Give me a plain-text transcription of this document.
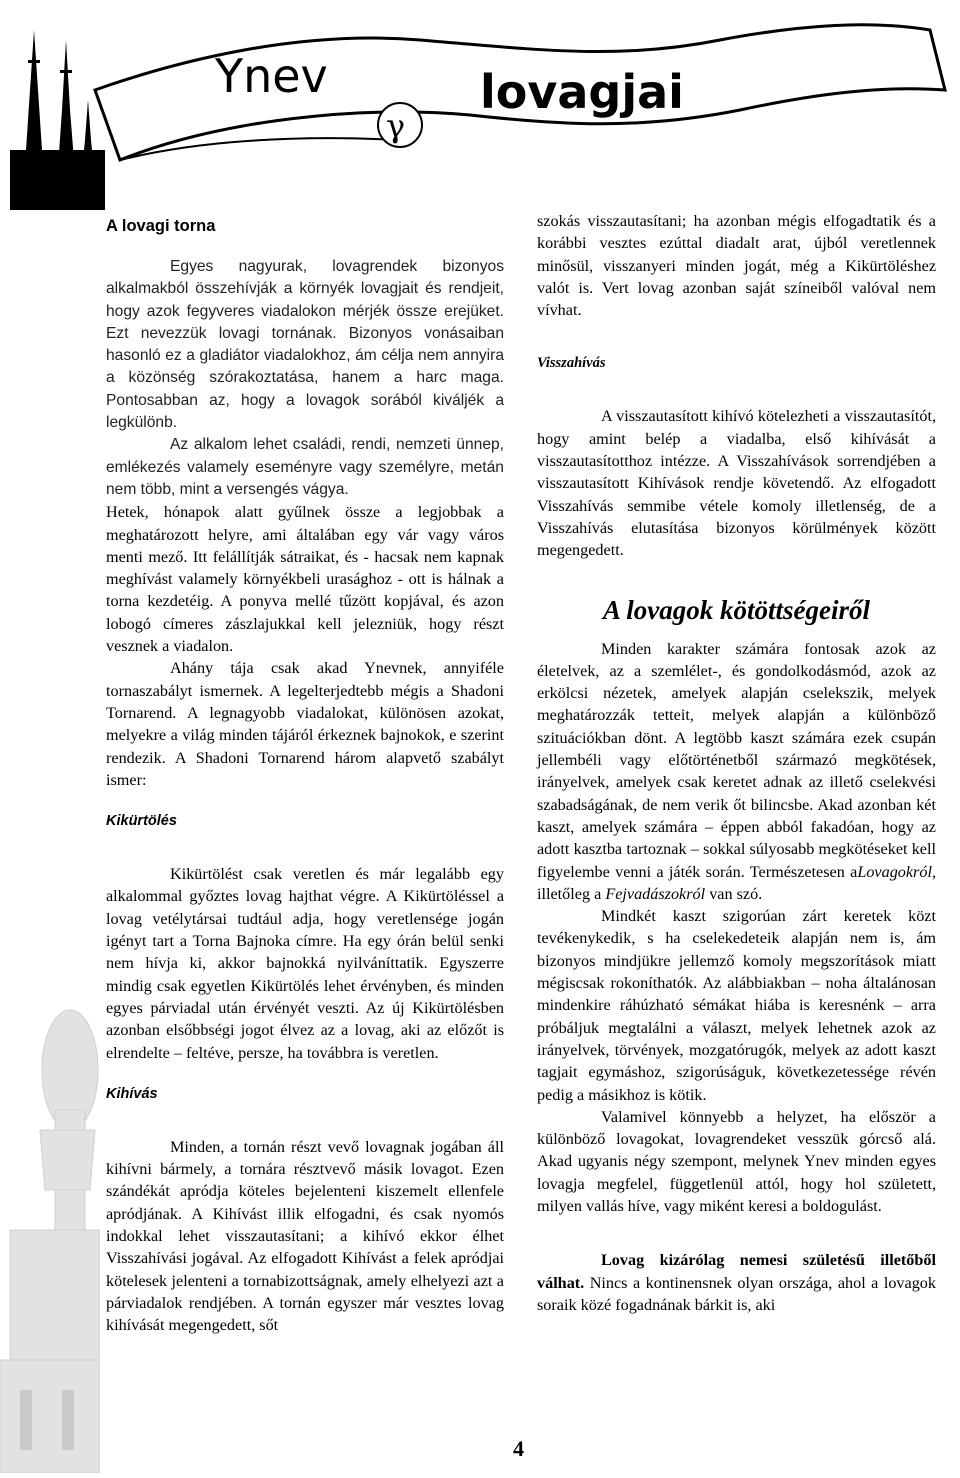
Ynev	lovagjai
γ
A lovagi torna

Egyes nagyurak, lovagrendek bizonyos alkalmakból összehívják a környék lovagjait és rendjeit, hogy azok fegyveres viadalokon mérjék össze erejüket. Ezt nevezzük lovagi tornának. Bizonyos vonásaiban hasonló ez a gladiátor viadalokhoz, ám célja nem annyira a közönség szórakoztatása, hanem a harc maga. Pontosabban az, hogy a lovagok sorából kiváljék a legkülönb.

Az alkalom lehet családi, rendi, nemzeti ünnep, emlékezés valamely eseményre vagy személyre, metán nem több, mint a versengés vágya.

Hetek, hónapok alatt gyűlnek össze a legjobbak a meghatározott helyre, ami általában egy vár vagy város menti mező. Itt felállítják sátraikat, és - hacsak nem kapnak meghívást valamely környékbeli urasághoz - ott is hálnak a torna kezdetéig. A ponyva mellé tűzött kopjával, és azon lobogó címeres zászlajukkal kell jelezniük, hogy részt vesznek a viadalon.

Ahány tája csak akad Ynevnek, annyiféle tornaszabályt ismernek. A legelterjedtebb mégis a Shadoni Tornarend. A legnagyobb viadalokat, különösen azokat, melyekre a világ minden tájáról érkeznek bajnokok, e szerint rendezik. A Shadoni Tornarend három alapvető szabályt ismer:

Kikürtölés

Kikürtölést csak veretlen és már legalább egy alkalommal győztes lovag hajthat végre. A Kikürtöléssel a lovag vetélytársai tudtául adja, hogy veretlensége jogán igényt tart a Torna Bajnoka címre. Ha egy órán belül senki nem hívja ki, akkor bajnokká nyilváníttatik. Egyszerre mindig csak egyetlen Kikürtölés lehet érvényben, és minden egyes párviadal után érvényét veszti. Az új Kikürtölésben azonban elsőbbségi jogot élvez az a lovag, aki az előzőt is elrendelte – feltéve, persze, ha továbbra is veretlen.

Kihívás

Minden, a tornán részt vevő lovagnak jogában áll kihívni bármely, a tornára résztvevő másik lovagot. Ezen szándékát apródja köteles bejelenteni kiszemelt ellenfele apródjának. A Kihívást illik elfogadni, és csak nyomós indokkal lehet visszautasítani; a kihívó ekkor élhet Visszahívási jogával. Az elfogadott Kihívást a felek apródjai kötelesek jelenteni a tornabizottságnak, amely elhelyezi azt a párviadalok rendjében. A tornán egyszer már vesztes lovag kihívását megengedett, sőt

szokás visszautasítani; ha azonban mégis elfogadtatik és a korábbi vesztes ezúttal diadalt arat, újból veretlennek minősül, visszanyeri minden jogát, még a Kikürtöléshez valót is. Vert lovag azonban saját színeiből valóval nem vívhat.

Visszahívás

A visszautasított kihívó kötelezheti a visszautasítót, hogy amint belép a viadalba, első kihívását a visszautasítotthoz intézze. A Visszahívások sorrendjében a visszautasított Kihívások rendje követendő. Az elfogadott Visszahívás semmibe vétele komoly illetlenség, de a Visszahívás elutasítása bizonyos körülmények között megengedett.

A lovagok kötöttségeiről

Minden karakter számára fontosak azok az életelvek, az a szemlélet-, és gondolkodásmód, azok az erkölcsi nézetek, amelyek alapján cselekszik, melyek meghatározzák tetteit, melyek alapján a különböző szituációkban dönt. A legtöbb kaszt számára ezek csupán jellembéli vagy előtörténetből származó megkötések, irányelvek, amelyek csak keretet adnak az illető cselekvési szabadságának, de nem verik őt bilincsbe. Akad azonban két kaszt, amelyek számára – éppen abból fakadóan, hogy az adott kasztba tartoznak – sokkal súlyosabb megkötéseket kell figyelembe venni a játék során. Természetesen aLovagokról, illetőleg a Fejvadászokról van szó.

Mindkét kaszt szigorúan zárt keretek közt tevékenykedik, s ha cselekedeteik alapján nem is, ám bizonyos mindjükre jellemző komoly megszorítások miatt mégiscsak rokoníthatók. Az alábbiakban – noha általánosan mindenkire ráhúzható sémákat hiába is keresnénk – arra próbáljuk megtalálni a választ, melyek lehetnek azok az irányelvek, törvények, mozgatórugók, melyek az adott kaszt tagjait egymáshoz, szigorúságuk, következetessége révén pedig a másikhoz is kötik.

Valamivel könnyebb a helyzet, ha először a különböző lovagokat, lovagrendeket vesszük górcső alá. Akad ugyanis négy szempont, melynek Ynev minden egyes lovagja megfelel, függetlenül attól, hogy hol született, milyen vallás híve, vagy miként keresi a boldogulást.

Lovag kizárólag nemesi születésű illetőből válhat. Nincs a kontinensnek olyan országa, ahol a lovagok soraik közé fogadnának bárkit is, aki

4
